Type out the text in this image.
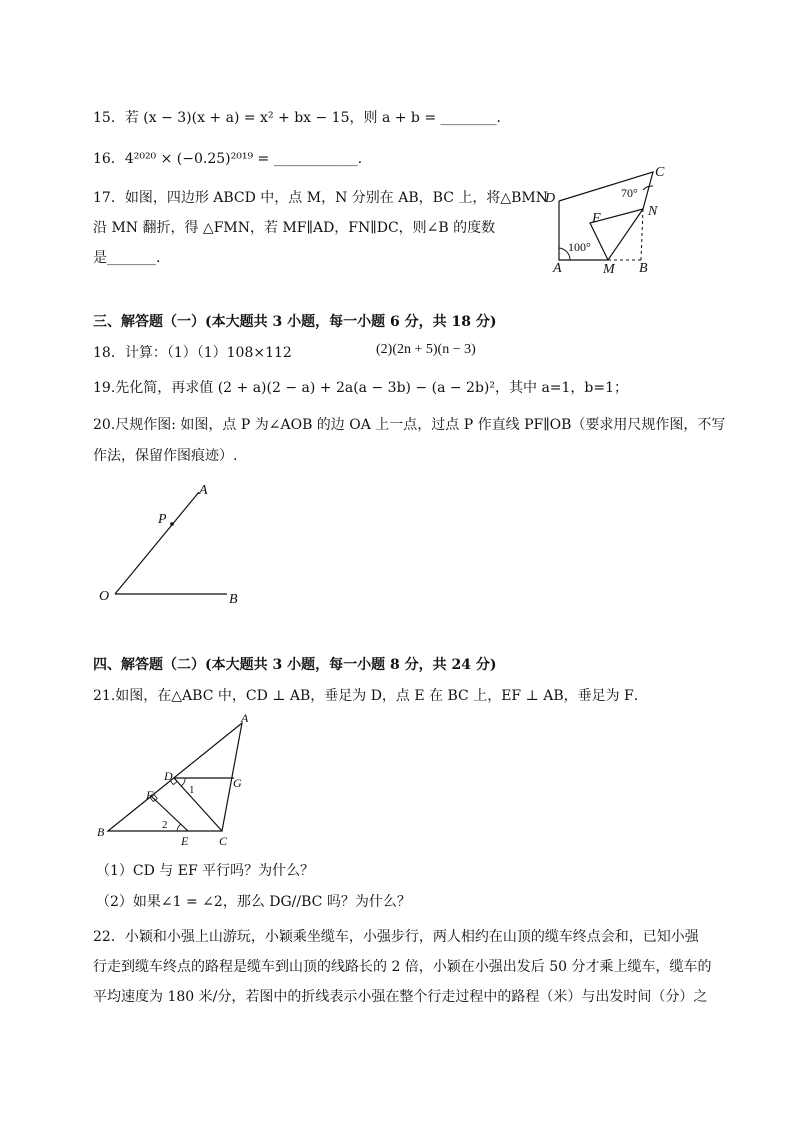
15．若 (x − 3)(x + a) = x² + bx − 15，则 a + b = ________．
16．4²⁰²⁰ × (−0.25)²⁰¹⁹ = ____________．
17．如图，四边形 ABCD 中，点 M，N 分别在 AB，BC 上，将△BMN
沿 MN 翻折，得 △FMN，若 MF∥AD，FN∥DC，则∠B 的度数
是_______.
D
C
70°
F	N
100°
A	M B
三、解答题（一）(本大题共 3 小题，每一小题 6 分，共 18 分)
18．计算：（1）（1）108×112	(2)(2n + 5)(n − 3)
19.先化简，再求值 (2 + a)(2 − a) + 2a(a − 3b) − (a − 2b)²，其中 a=1，b=1；
20.尺规作图: 如图，点 P 为∠AOB 的边 OA 上一点，过点 P 作直线 PF∥OB（要求用尺规作图，不写
作法，保留作图痕迹）.
A
P
O	B
四、解答题（二）(本大题共 3 小题，每一小题 8 分，共 24 分)
21.如图，在△ABC 中，CD ⊥ AB，垂足为 D，点 E 在 BC 上，EF ⊥ AB，垂足为 F．
A
D	G
1
F
2
B
E	C
（1）CD 与 EF 平行吗？为什么？
（2）如果∠1 = ∠2，那么 DG//BC 吗？为什么？
22．小颖和小强上山游玩，小颖乘坐缆车，小强步行，两人相约在山顶的缆车终点会和，已知小强
行走到缆车终点的路程是缆车到山顶的线路长的 2 倍，小颖在小强出发后 50 分才乘上缆车，缆车的
平均速度为 180 米/分，若图中的折线表示小强在整个行走过程中的路程（米）与出发时间（分）之
